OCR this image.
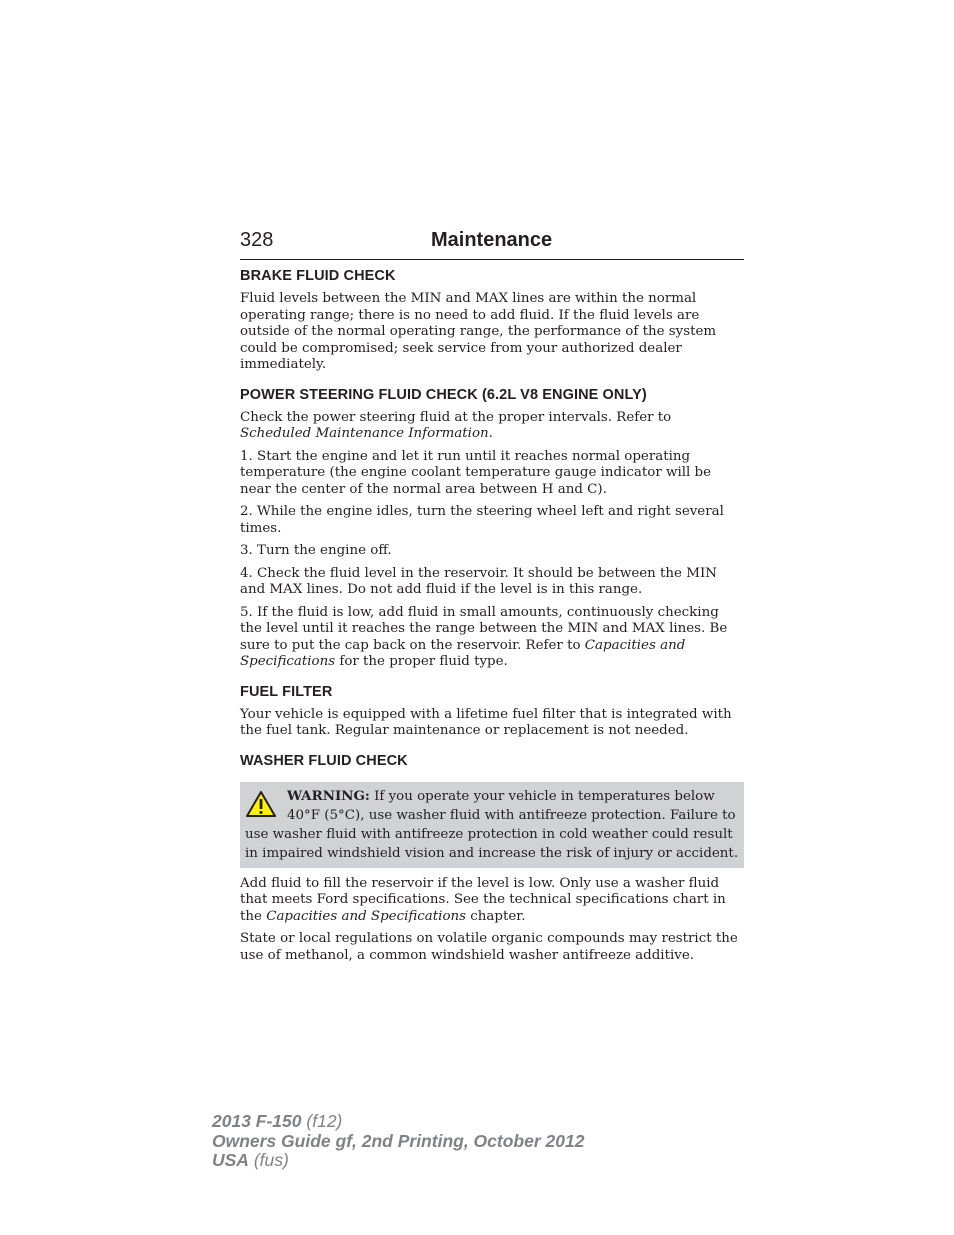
328	Maintenance
BRAKE FLUID CHECK

Fluid levels between the MIN and MAX lines are within the normal operating range; there is no need to add fluid. If the fluid levels are outside of the normal operating range, the performance of the system could be compromised; seek service from your authorized dealer immediately.

POWER STEERING FLUID CHECK (6.2L V8 ENGINE ONLY)

Check the power steering fluid at the proper intervals. Refer to Scheduled Maintenance Information.

1. Start the engine and let it run until it reaches normal operating temperature (the engine coolant temperature gauge indicator will be near the center of the normal area between H and C).

2. While the engine idles, turn the steering wheel left and right several times.

3. Turn the engine off.

4. Check the fluid level in the reservoir. It should be between the MIN and MAX lines. Do not add fluid if the level is in this range.

5. If the fluid is low, add fluid in small amounts, continuously checking the level until it reaches the range between the MIN and MAX lines. Be sure to put the cap back on the reservoir. Refer to Capacities and Specifications for the proper fluid type.

FUEL FILTER

Your vehicle is equipped with a lifetime fuel filter that is integrated with the fuel tank. Regular maintenance or replacement is not needed.

WASHER FLUID CHECK
WARNING: If you operate your vehicle in temperatures below 40°F (5°C), use washer fluid with antifreeze protection. Failure to use washer fluid with antifreeze protection in cold weather could result in impaired windshield vision and increase the risk of injury or accident.

Add fluid to fill the reservoir if the level is low. Only use a washer fluid that meets Ford specifications. See the technical specifications chart in the Capacities and Specifications chapter.

State or local regulations on volatile organic compounds may restrict the use of methanol, a common windshield washer antifreeze additive.

2013 F-150 (f12)
Owners Guide gf, 2nd Printing, October 2012
USA (fus)
